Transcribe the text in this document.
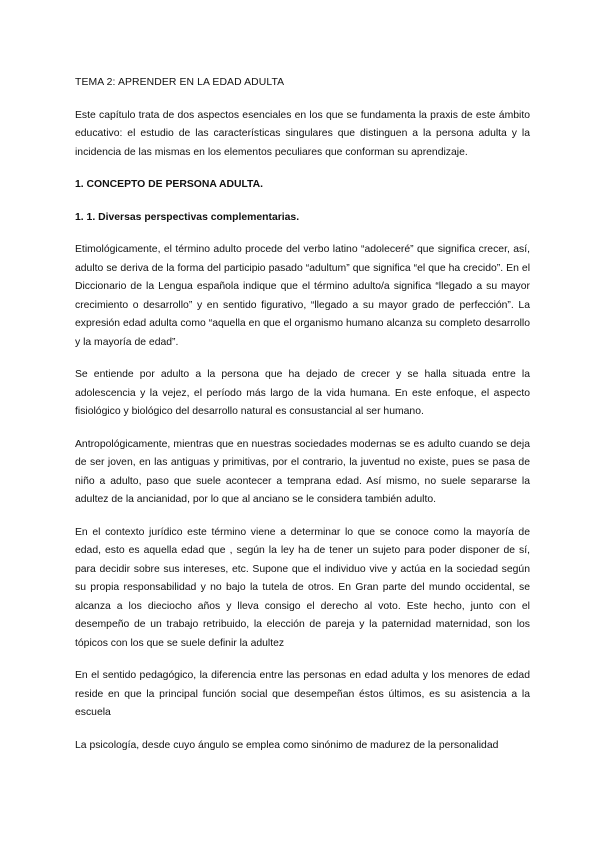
TEMA 2: APRENDER EN LA EDAD ADULTA

Este capítulo trata de dos aspectos esenciales en los que se fundamenta la praxis de este ámbito educativo: el estudio de las características singulares que distinguen a la persona adulta y la incidencia de las mismas en los elementos peculiares que conforman su aprendizaje.

1. CONCEPTO DE PERSONA ADULTA.
1. 1. Diversas perspectivas complementarias.

Etimológicamente, el término adulto procede del verbo latino “adoleceré” que significa crecer, así, adulto se deriva de la forma del participio pasado “adultum” que significa “el que ha crecido”. En el Diccionario de la Lengua española indique que el término adulto/a significa “llegado a su mayor crecimiento o desarrollo” y en sentido figurativo, “llegado a su mayor grado de perfección”. La expresión edad adulta como “aquella en que el organismo humano alcanza su completo desarrollo y la mayoría de edad”.

Se entiende por adulto a la persona que ha dejado de crecer y se halla situada entre la adolescencia y la vejez, el período más largo de la vida humana. En este enfoque, el aspecto fisiológico y biológico del desarrollo natural es consustancial al ser humano.

Antropológicamente, mientras que en nuestras sociedades modernas se es adulto cuando se deja de ser joven, en las antiguas y primitivas, por el contrario, la juventud no existe, pues se pasa de niño a adulto, paso que suele acontecer a temprana edad. Así mismo, no suele separarse la adultez de la ancianidad, por lo que al anciano se le considera también adulto.

En el contexto jurídico este término viene a determinar lo que se conoce como la mayoría de edad, esto es aquella edad que , según la ley ha de tener un sujeto para poder disponer de sí, para decidir sobre sus intereses, etc. Supone que el individuo vive y actúa en la sociedad según su propia responsabilidad y no bajo la tutela de otros. En Gran parte del mundo occidental, se alcanza a los dieciocho años y lleva consigo el derecho al voto. Este hecho, junto con el desempeño de un trabajo retribuido, la elección de pareja y la paternidad maternidad, son los tópicos con los que se suele definir la adultez

En el sentido pedagógico, la diferencia entre las personas en edad adulta y los menores de edad reside en que la principal función social que desempeñan éstos últimos, es su asistencia a la escuela

La psicología, desde cuyo ángulo se emplea como sinónimo de madurez de la personalidad
